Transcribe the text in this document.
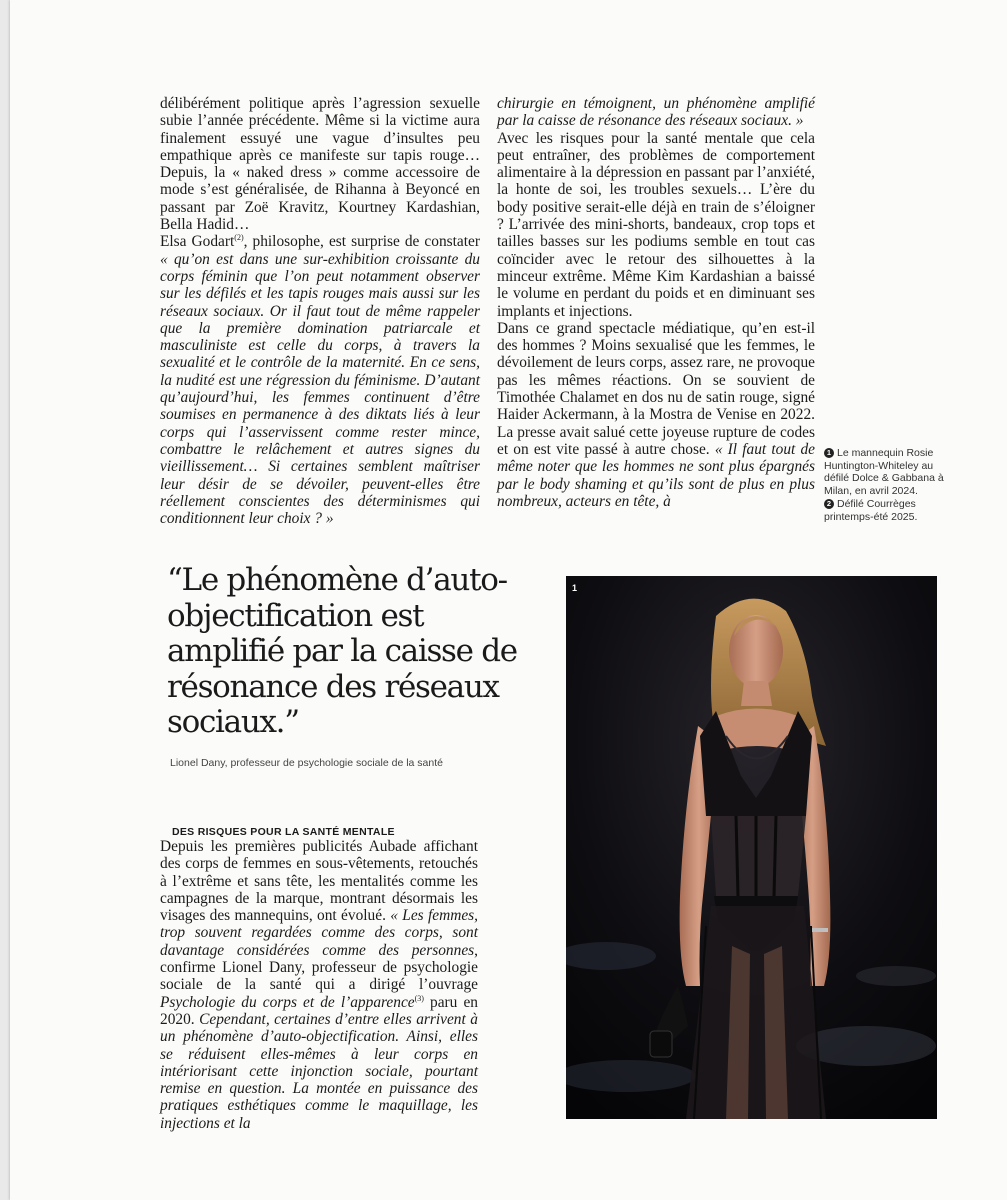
délibérément politique après l’agression sexuelle subie l’année précédente. Même si la victime aura finalement essuyé une vague d’insultes peu empathique après ce manifeste sur tapis rouge… Depuis, la « naked dress » comme accessoire de mode s’est généralisée, de Rihanna à Beyoncé en passant par Zoë Kravitz, Kourtney Kardashian, Bella Hadid…

Elsa Godart$^{(2)}$, philosophe, est surprise de constater « qu’on est dans une sur-exhibition croissante du corps féminin que l’on peut notamment observer sur les défilés et les tapis rouges mais aussi sur les réseaux sociaux. Or il faut tout de même rappeler que la première domination patriarcale et masculiniste est celle du corps, à travers la sexualité et le contrôle de la maternité. En ce sens, la nudité est une régression du féminisme. D’autant qu’aujourd’hui, les femmes continuent d’être soumises en permanence à des diktats liés à leur corps qui l’asservissent comme rester mince, combattre le relâchement et autres signes du vieillissement… Si certaines semblent maîtriser leur désir de se dévoiler, peuvent-elles être réellement conscientes des déterminismes qui conditionnent leur choix ? »

chirurgie en témoignent, un phénomène amplifié par la caisse de résonance des réseaux sociaux. »

Avec les risques pour la santé mentale que cela peut entraîner, des problèmes de comportement alimentaire à la dépression en passant par l’anxiété, la honte de soi, les troubles sexuels… L’ère du body positive serait-elle déjà en train de s’éloigner ? L’arrivée des mini-shorts, bandeaux, crop tops et tailles basses sur les podiums semble en tout cas coïncider avec le retour des silhouettes à la minceur extrême. Même Kim Kardashian a baissé le volume en perdant du poids et en diminuant ses implants et injections.

Dans ce grand spectacle médiatique, qu’en est-il des hommes ? Moins sexualisé que les femmes, le dévoilement de leurs corps, assez rare, ne provoque pas les mêmes réactions. On se souvient de Timothée Chalamet en dos nu de satin rouge, signé Haider Ackermann, à la Mostra de Venise en 2022. La presse avait salué cette joyeuse rupture de codes et on est vite passé à autre chose. « Il faut tout de même noter que les hommes ne sont plus épargnés par le body shaming et qu’ils sont de plus en plus nombreux, acteurs en tête, à

1 Le mannequin Rosie Huntington-Whiteley au défilé Dolce & Gabbana à Milan, en avril 2024.
2 Défilé Courrèges printemps-été 2025.
“Le phénomène d’auto-objectification est amplifié par la caisse de résonance des réseaux sociaux.”
Lionel Dany, professeur de psychologie sociale de la santé
DES RISQUES POUR LA SANTÉ MENTALE

Depuis les premières publicités Aubade affichant des corps de femmes en sous-vêtements, retouchés à l’extrême et sans tête, les mentalités comme les campagnes de la marque, montrant désormais les visages des mannequins, ont évolué. « Les femmes, trop souvent regardées comme des corps, sont davantage considérées comme des personnes, confirme Lionel Dany, professeur de psychologie sociale de la santé qui a dirigé l’ouvrage Psychologie du corps et de l’apparence$^{(3)}$ paru en 2020. Cependant, certaines d’entre elles arrivent à un phénomène d’auto-objectification. Ainsi, elles se réduisent elles-mêmes à leur corps en intériorisant cette injonction sociale, pourtant remise en question. La montée en puissance des pratiques esthétiques comme le maquillage, les injections et la

1
